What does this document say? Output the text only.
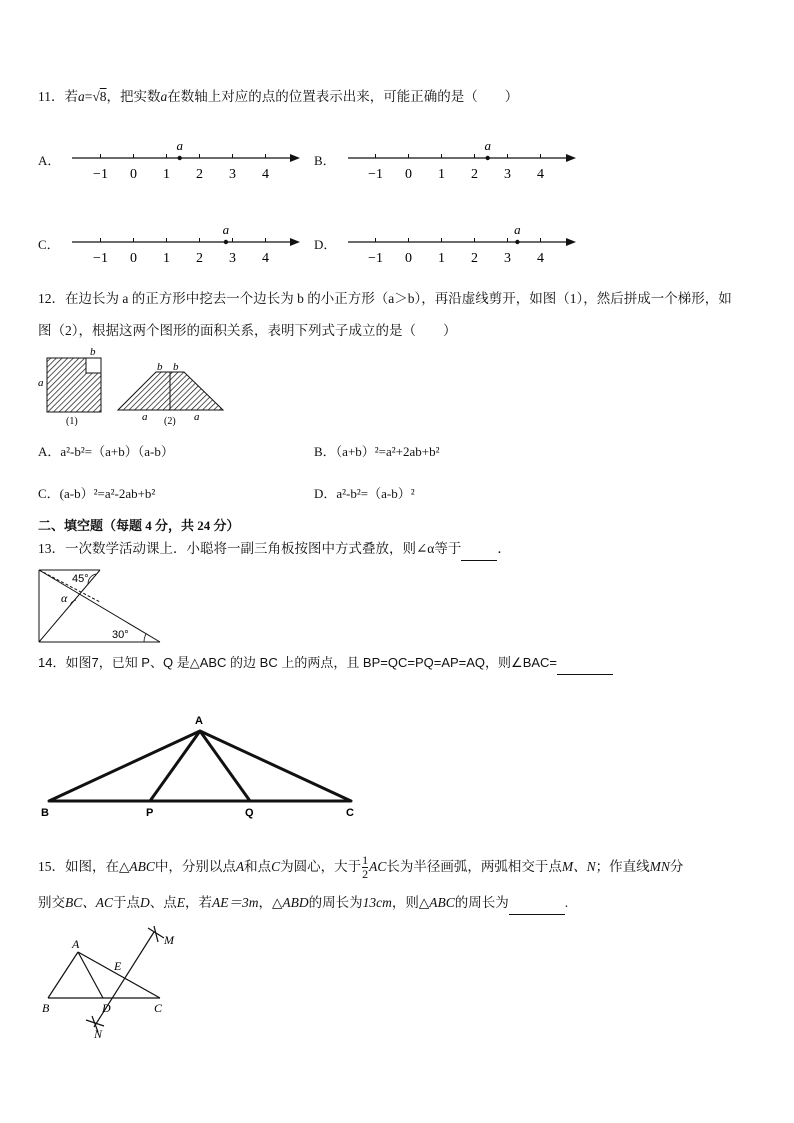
11．若a=√8，把实数a在数轴上对应的点的位置表示出来，可能正确的是（　　）
A．	B．
C．	D．
−1 0 1 2 3 4
a
−1 0 1 2 3 4
a
−1 0 1 2 3 4
a
−1 0 1 2 3 4
a
12．在边长为 a 的正方形中挖去一个边长为 b 的小正方形（a＞b），再沿虚线剪开，如图（1），然后拼成一个梯形，如
图（2），根据这两个图形的面积关系，表明下列式子成立的是（　　）
a
b
(1)
b b
a	a
(2)
A．a²-b²=（a+b）（a-b）	B．（a+b）²=a²+2ab+b²
C．(a-b）²=a²-2ab+b²	D．a²-b²=（a-b）²
二、填空题（每题 4 分，共 24 分）
13．一次数学活动课上．小聪将一副三角板按图中方式叠放，则∠α等于	．
45°
α
30°
14．如图7，已知 P、Q 是△ABC 的边 BC 上的两点，且 BP=QC=PQ=AP=AQ，则∠BAC=
A
B	P	Q	C
15．如图，在 △ABC 中，分别以点 A 和点 C 为圆心，大于 $\frac{1}{2}$ AC 长为半径画弧，两弧相交于点 M、N ；作直线 MN 分
别交BC、AC于点D、点E，若AE＝3m，△ABD的周长为13cm，则△ABC的周长为	.
A
B	C
D
E
M
N
